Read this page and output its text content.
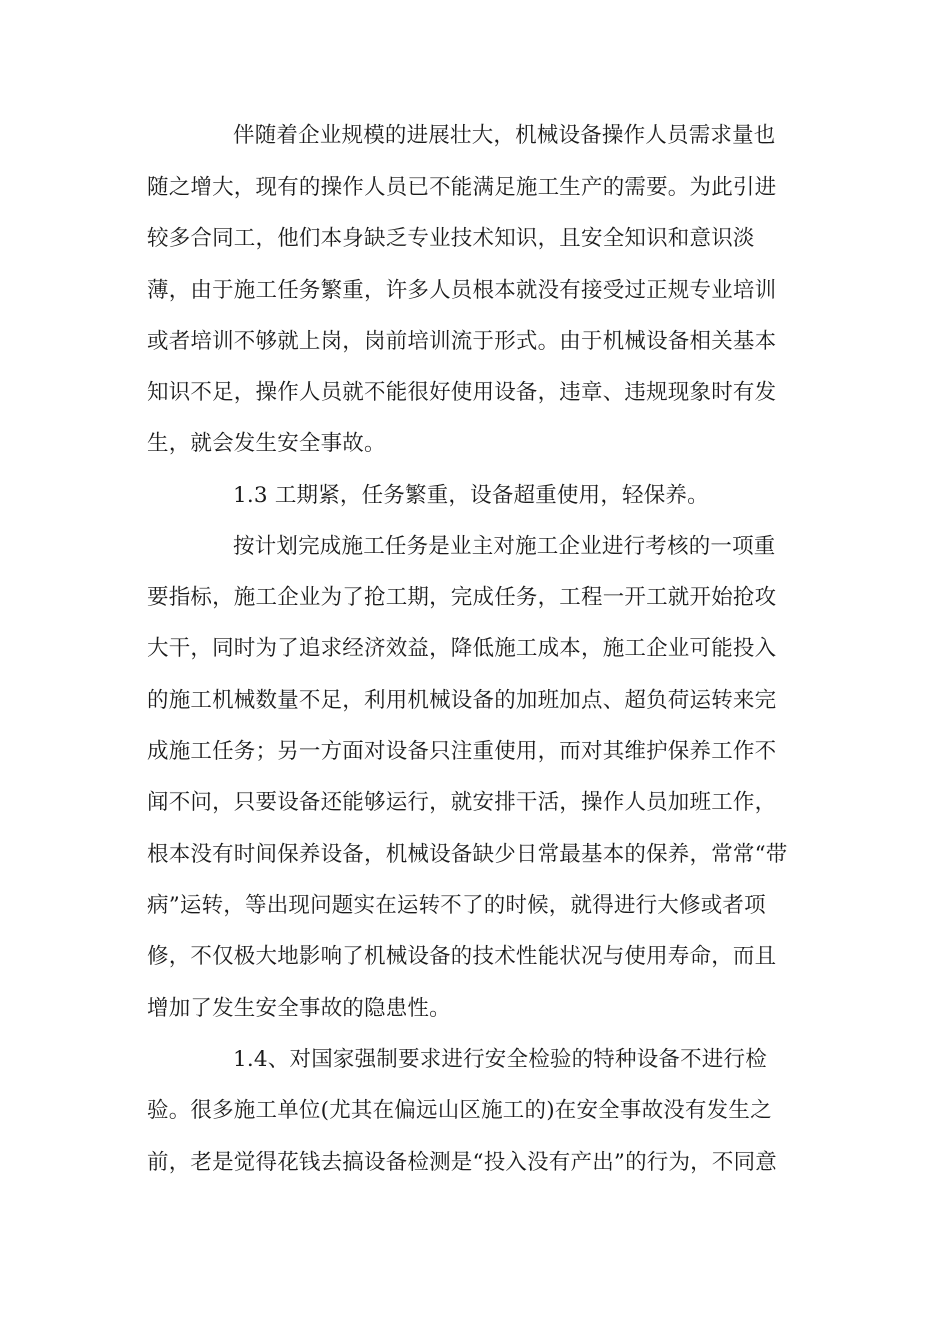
伴随着企业规模的进展壮大，机械设备操作人员需求量也
随之增大，现有的操作人员已不能满足施工生产的需要。为此引进
较多合同工，他们本身缺乏专业技术知识，且安全知识和意识淡
薄，由于施工任务繁重，许多人员根本就没有接受过正规专业培训
或者培训不够就上岗，岗前培训流于形式。由于机械设备相关基本
知识不足，操作人员就不能很好使用设备，违章、违规现象时有发
生，就会发生安全事故。
1.3 工期紧，任务繁重，设备超重使用，轻保养。
按计划完成施工任务是业主对施工企业进行考核的一项重
要指标，施工企业为了抢工期，完成任务，工程一开工就开始抢攻
大干，同时为了追求经济效益，降低施工成本，施工企业可能投入
的施工机械数量不足，利用机械设备的加班加点、超负荷运转来完
成施工任务；另一方面对设备只注重使用，而对其维护保养工作不
闻不问，只要设备还能够运行，就安排干活，操作人员加班工作，
根本没有时间保养设备，机械设备缺少日常最基本的保养，常常“带
病”运转，等出现问题实在运转不了的时候，就得进行大修或者项
修，不仅极大地影响了机械设备的技术性能状况与使用寿命，而且
增加了发生安全事故的隐患性。
1.4、对国家强制要求进行安全检验的特种设备不进行检
验。很多施工单位(尤其在偏远山区施工的)在安全事故没有发生之
前，老是觉得花钱去搞设备检测是“投入没有产出”的行为，不同意
